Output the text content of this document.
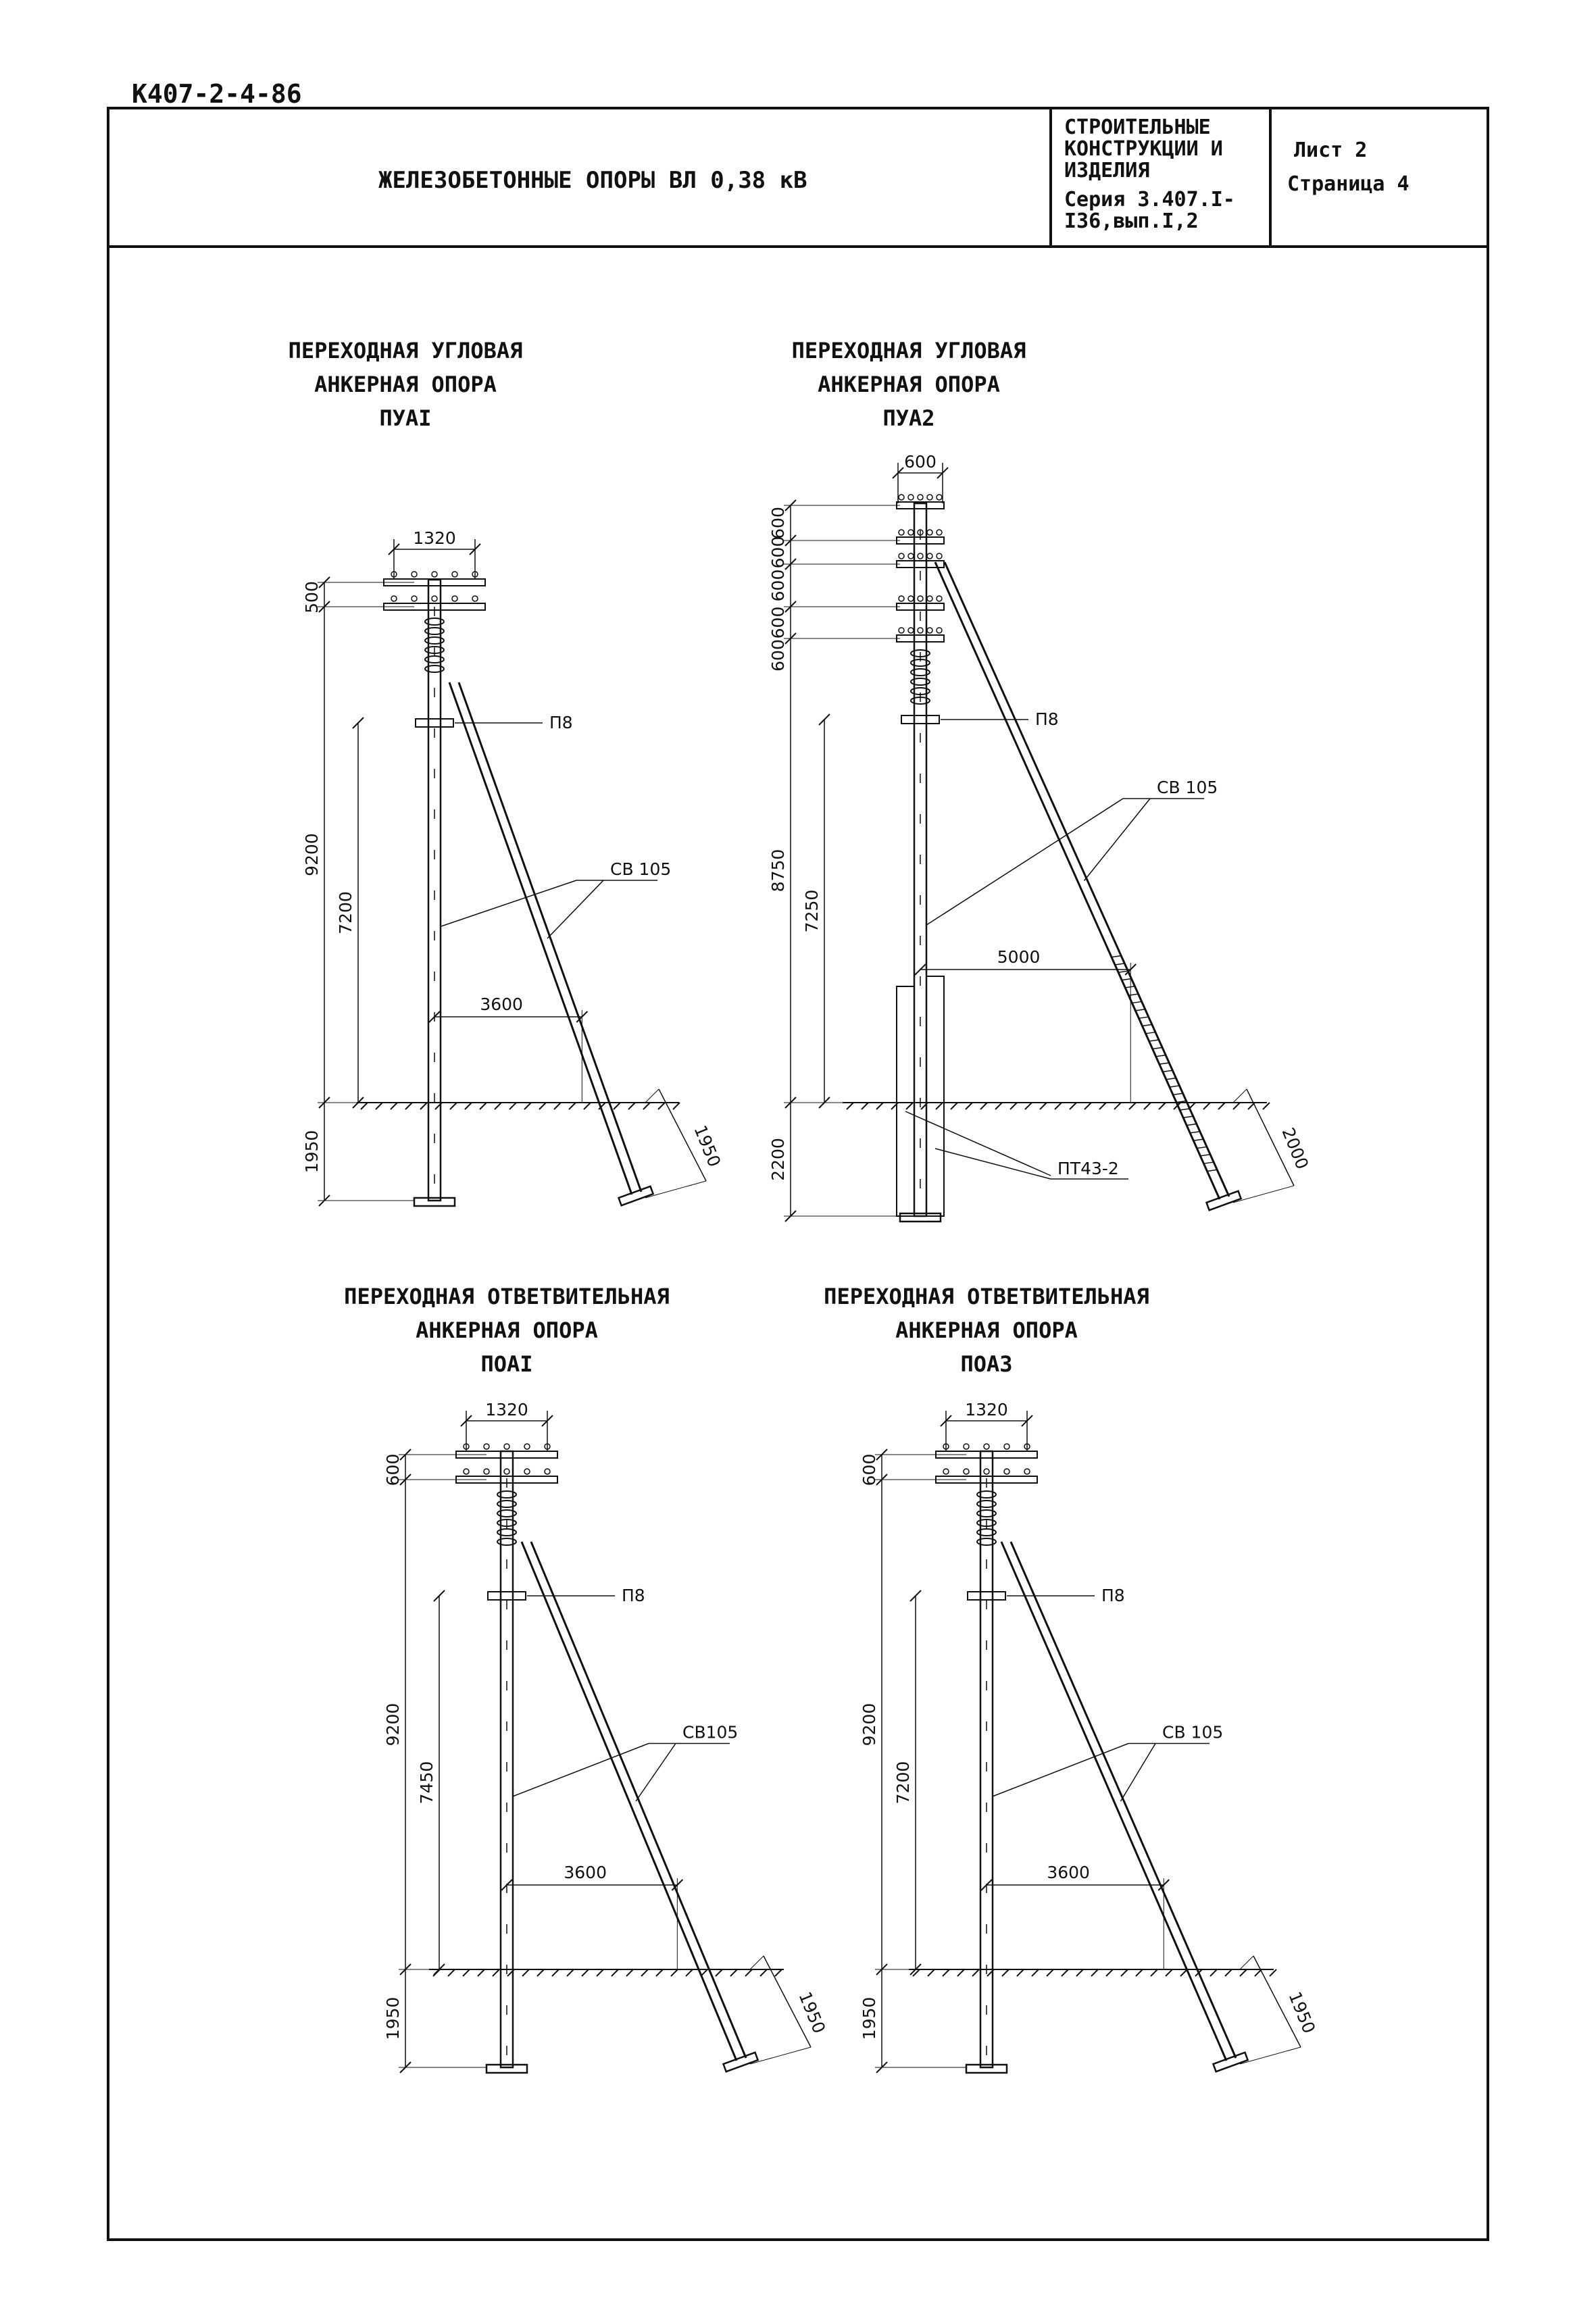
К407-2-4-86
ЖЕЛЕЗОБЕТОННЫЕ ОПОРЫ ВЛ 0,38 кВ
СТРОИТЕЛЬНЫЕ
КОНСТРУКЦИИ И
ИЗДЕЛИЯ
Серия 3.407.I-
I36,вып.I,2
Лист 2
Страница 4
ПЕРЕХОДНАЯ УГЛОВАЯ
АНКЕРНАЯ ОПОРА
ПУАI
1320
500
9200
1950
7200
3600
1950
П8
СВ 105
ПЕРЕХОДНАЯ УГЛОВАЯ
АНКЕРНАЯ ОПОРА
ПУА2
600
600
600
600
600
600
8750
2200
7250
5000
2000
П8
СВ 105
ПТ43-2
ПЕРЕХОДНАЯ ОТВЕТВИТЕЛЬНАЯ
АНКЕРНАЯ ОПОРА
ПОАI
1320
600
9200
1950
7450
3600
1950
П8
СВ105
ПЕРЕХОДНАЯ ОТВЕТВИТЕЛЬНАЯ
АНКЕРНАЯ ОПОРА
ПОА3
1320
600
9200
1950
7200
3600
1950
П8
СВ 105
